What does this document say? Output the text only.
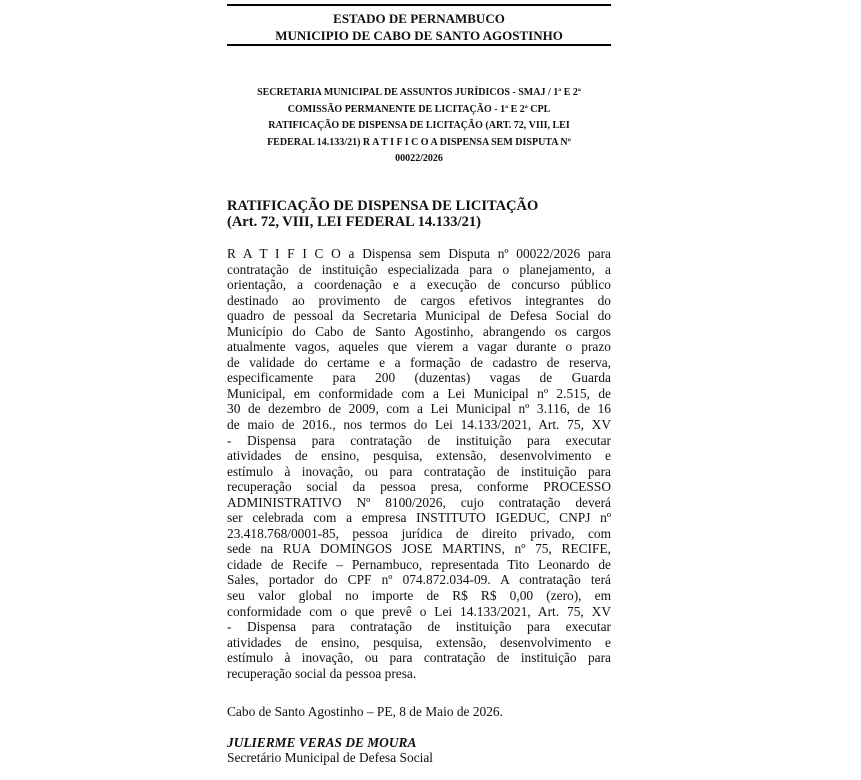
ESTADO DE PERNAMBUCO
MUNICIPIO DE CABO DE SANTO AGOSTINHO
SECRETARIA MUNICIPAL DE ASSUNTOS JURÍDICOS - SMAJ / 1ª E 2ª
COMISSÃO PERMANENTE DE LICITAÇÃO - 1ª E 2ª CPL
RATIFICAÇÃO DE DISPENSA DE LICITAÇÃO (ART. 72, VIII, LEI
FEDERAL 14.133/21) R A T I F I C O A DISPENSA SEM DISPUTA Nº
00022/2026
RATIFICAÇÃO DE DISPENSA DE LICITAÇÃO
(Art. 72, VIII, LEI FEDERAL 14.133/21)
R A T I F I C O a Dispensa sem Disputa nº 00022/2026 para
contratação de instituição especializada para o planejamento, a
orientação, a coordenação e a execução de concurso público
destinado ao provimento de cargos efetivos integrantes do
quadro de pessoal da Secretaria Municipal de Defesa Social do
Município do Cabo de Santo Agostinho, abrangendo os cargos
atualmente vagos, aqueles que vierem a vagar durante o prazo
de validade do certame e a formação de cadastro de reserva,
especificamente para 200 (duzentas) vagas de Guarda
Municipal, em conformidade com a Lei Municipal nº 2.515, de
30 de dezembro de 2009, com a Lei Municipal nº 3.116, de 16
de maio de 2016., nos termos do Lei 14.133/2021, Art. 75, XV
- Dispensa para contratação de instituição para executar
atividades de ensino, pesquisa, extensão, desenvolvimento e
estímulo à inovação, ou para contratação de instituição para
recuperação social da pessoa presa, conforme PROCESSO
ADMINISTRATIVO Nº 8100/2026, cujo contratação deverá
ser celebrada com a empresa INSTITUTO IGEDUC, CNPJ nº
23.418.768/0001-85, pessoa jurídica de direito privado, com
sede na RUA DOMINGOS JOSE MARTINS, nº 75, RECIFE,
cidade de Recife – Pernambuco, representada Tito Leonardo de
Sales, portador do CPF nº 074.872.034-09. A contratação terá
seu valor global no importe de R$ R$ 0,00 (zero), em
conformidade com o que prevê o Lei 14.133/2021, Art. 75, XV
- Dispensa para contratação de instituição para executar
atividades de ensino, pesquisa, extensão, desenvolvimento e
estímulo à inovação, ou para contratação de instituição para
recuperação social da pessoa presa.
Cabo de Santo Agostinho – PE, 8 de Maio de 2026.
JULIERME VERAS DE MOURA
Secretário Municipal de Defesa Social
